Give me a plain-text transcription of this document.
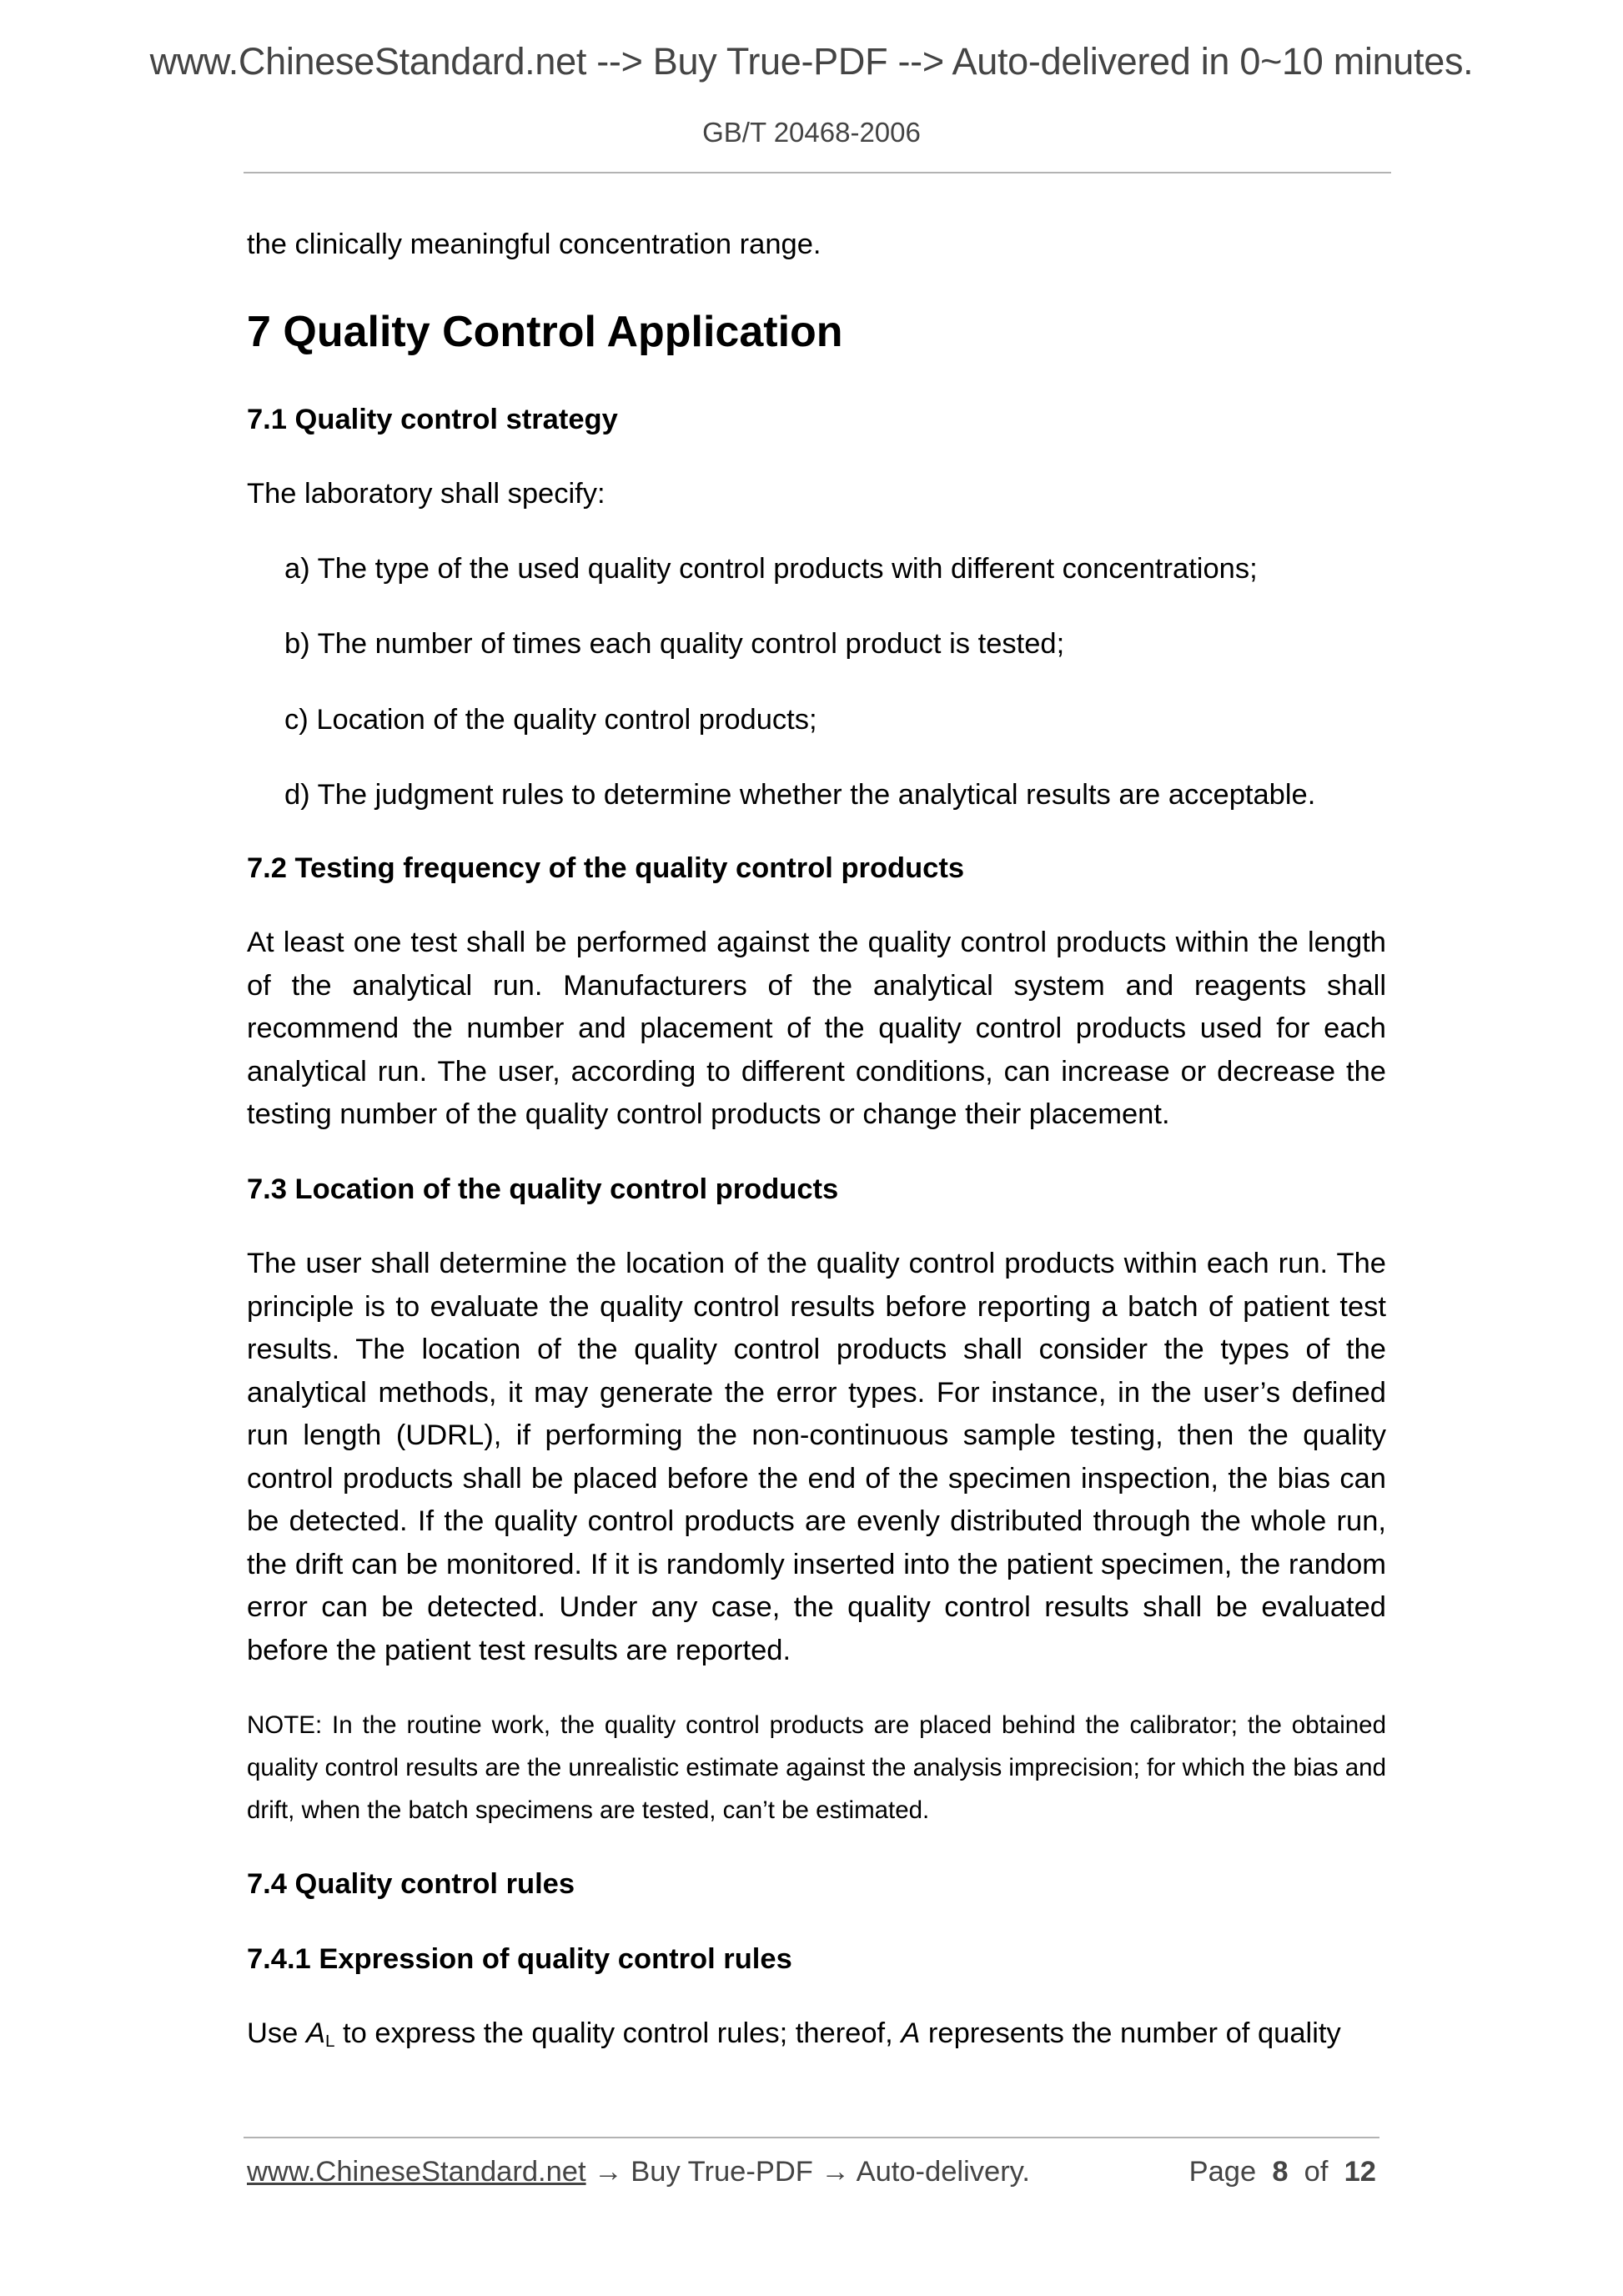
www.ChineseStandard.net --> Buy True-PDF --> Auto-delivered in 0~10 minutes.
GB/T 20468-2006

the clinically meaningful concentration range.

7 Quality Control Application
7.1 Quality control strategy

The laboratory shall specify:

a) The type of the used quality control products with different concentrations;

b) The number of times each quality control product is tested;

c) Location of the quality control products;

d) The judgment rules to determine whether the analytical results are acceptable.

7.2 Testing frequency of the quality control products

At least one test shall be performed against the quality control products within the length of the analytical run. Manufacturers of the analytical system and reagents shall recommend the number and placement of the quality control products used for each analytical run. The user, according to different conditions, can increase or decrease the testing number of the quality control products or change their placement.

7.3 Location of the quality control products

The user shall determine the location of the quality control products within each run. The principle is to evaluate the quality control results before reporting a batch of patient test results. The location of the quality control products shall consider the types of the analytical methods, it may generate the error types. For instance, in the user’s defined run length (UDRL), if performing the non-continuous sample testing, then the quality control products shall be placed before the end of the specimen inspection, the bias can be detected. If the quality control products are evenly distributed through the whole run, the drift can be monitored. If it is randomly inserted into the patient specimen, the random error can be detected. Under any case, the quality control results shall be evaluated before the patient test results are reported.

NOTE: In the routine work, the quality control products are placed behind the calibrator; the obtained quality control results are the unrealistic estimate against the analysis imprecision; for which the bias and drift, when the batch specimens are tested, can’t be estimated.

7.4 Quality control rules
7.4.1 Expression of quality control rules

Use $A_L$ to express the quality control rules; thereof, A represents the number of quality

www.ChineseStandard.net → Buy True-PDF → Auto-delivery.	Page 8 of 12
